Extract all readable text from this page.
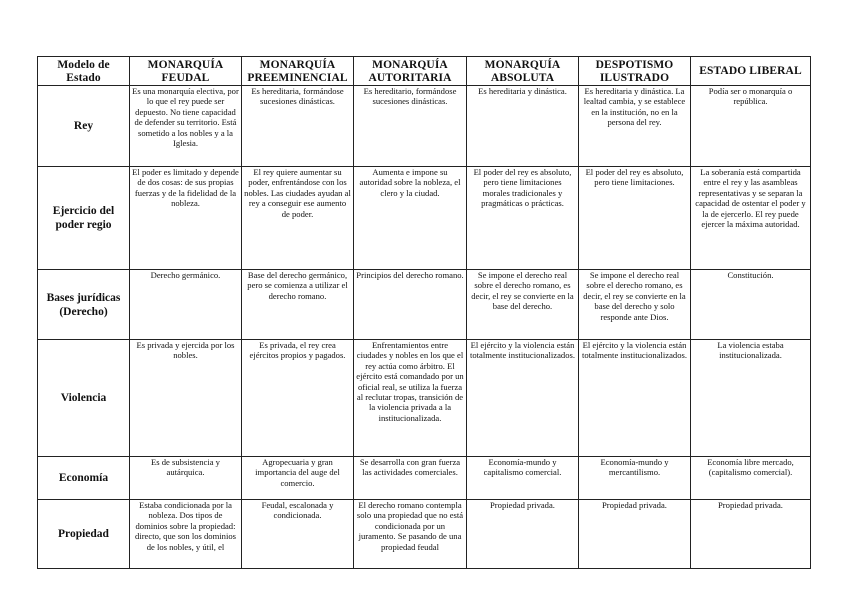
Modelo de Estado	MONARQUÍA FEUDAL	MONARQUÍA PREEMINENCIAL	MONARQUÍA AUTORITARIA	MONARQUÍA ABSOLUTA	DESPOTISMO ILUSTRADO	ESTADO LIBERAL
Rey	Es una monarquía electiva, por lo que el rey puede ser depuesto. No tiene capacidad de defender su territorio. Está sometido a los nobles y a la Iglesia.	Es hereditaria, formándose sucesiones dinásticas.	Es hereditario, formándose sucesiones dinásticas.	Es hereditaria y dinástica.	Es hereditaria y dinástica. La lealtad cambia, y se establece en la institución, no en la persona del rey.	Podía ser o monarquía o república.
Ejercicio del poder regio	El poder es limitado y depende de dos cosas: de sus propias fuerzas y de la fidelidad de la nobleza.	El rey quiere aumentar su poder, enfrentándose con los nobles. Las ciudades ayudan al rey a conseguir ese aumento de poder.	Aumenta e impone su autoridad sobre la nobleza, el clero y la ciudad.	El poder del rey es absoluto, pero tiene limitaciones morales tradicionales y pragmáticas o prácticas.	El poder del rey es absoluto, pero tiene limitaciones.	La soberanía está compartida entre el rey y las asambleas representativas y se separan la capacidad de ostentar el poder y la de ejercerlo. El rey puede ejercer la máxima autoridad.
Bases jurídicas (Derecho)	Derecho germánico.	Base del derecho germánico, pero se comienza a utilizar el derecho romano.	Principios del derecho romano.	Se impone el derecho real sobre el derecho romano, es decir, el rey se convierte en la base del derecho.	Se impone el derecho real sobre el derecho romano, es decir, el rey se convierte en la base del derecho y solo responde ante Dios.	Constitución.
Violencia	Es privada y ejercida por los nobles.	Es privada, el rey crea ejércitos propios y pagados.	Enfrentamientos entre ciudades y nobles en los que el rey actúa como árbitro. El ejército está comandado por un oficial real, se utiliza la fuerza al reclutar tropas, transición de la violencia privada a la institucionalizada.	El ejército y la violencia están totalmente institucionalizados.	El ejército y la violencia están totalmente institucionalizados.	La violencia estaba institucionalizada.
Economía	Es de subsistencia y autárquica.	Agropecuaria y gran importancia del auge del comercio.	Se desarrolla con gran fuerza las actividades comerciales.	Economía-mundo y capitalismo comercial.	Economía-mundo y mercantilismo.	Economía libre mercado, (capitalismo comercial).
Propiedad	Estaba condicionada por la nobleza. Dos tipos de dominios sobre la propiedad: directo, que son los dominios de los nobles, y útil, el	Feudal, escalonada y condicionada.	El derecho romano contempla solo una propiedad que no está condicionada por un juramento. Se pasando de una propiedad feudal	Propiedad privada.	Propiedad privada.	Propiedad privada.
